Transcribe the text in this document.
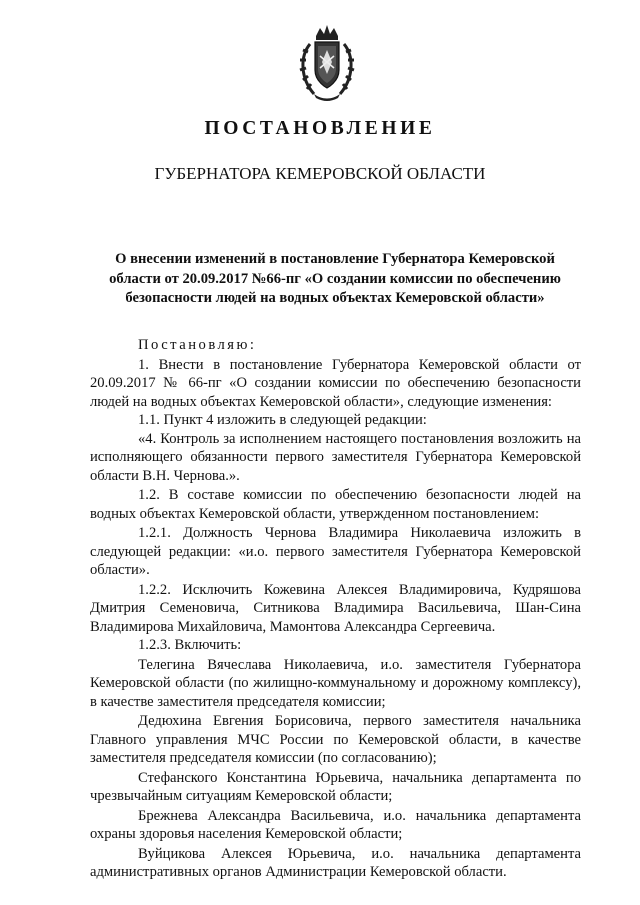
ПОСТАНОВЛЕНИЕ
ГУБЕРНАТОРА КЕМЕРОВСКОЙ ОБЛАСТИ
О внесении изменений в постановление Губернатора Кемеровской области от 20.09.2017 №66-пг «О создании комиссии по обеспечению безопасности людей на водных объектах Кемеровской области»

Постановляю:

1. Внести в постановление Губернатора Кемеровской области от 20.09.2017 № 66-пг «О создании комиссии по обеспечению безопасности людей на водных объектах Кемеровской области», следующие изменения:

1.1. Пункт 4 изложить в следующей редакции:

«4. Контроль за исполнением настоящего постановления возложить на исполняющего обязанности первого заместителя Губернатора Кемеровской области В.Н. Чернова.».

1.2. В составе комиссии по обеспечению безопасности людей на водных объектах Кемеровской области, утвержденном постановлением:

1.2.1. Должность Чернова Владимира Николаевича изложить в следующей редакции: «и.о. первого заместителя Губернатора Кемеровской области».

1.2.2. Исключить Кожевина Алексея Владимировича, Кудряшова Дмитрия Семеновича, Ситникова Владимира Васильевича, Шан-Сина Владимирова Михайловича, Мамонтова Александра Сергеевича.

1.2.3. Включить:

Телегина Вячеслава Николаевича, и.о. заместителя Губернатора Кемеровской области (по жилищно-коммунальному и дорожному комплексу), в качестве заместителя председателя комиссии;

Дедюхина Евгения Борисовича, первого заместителя начальника Главного управления МЧС России по Кемеровской области, в качестве заместителя председателя комиссии (по согласованию);

Стефанского Константина Юрьевича, начальника департамента по чрезвычайным ситуациям Кемеровской области;

Брежнева Александра Васильевича, и.о. начальника департамента охраны здоровья населения Кемеровской области;

Вуйцикова Алексея Юрьевича, и.о. начальника департамента административных органов Администрации Кемеровской области.
